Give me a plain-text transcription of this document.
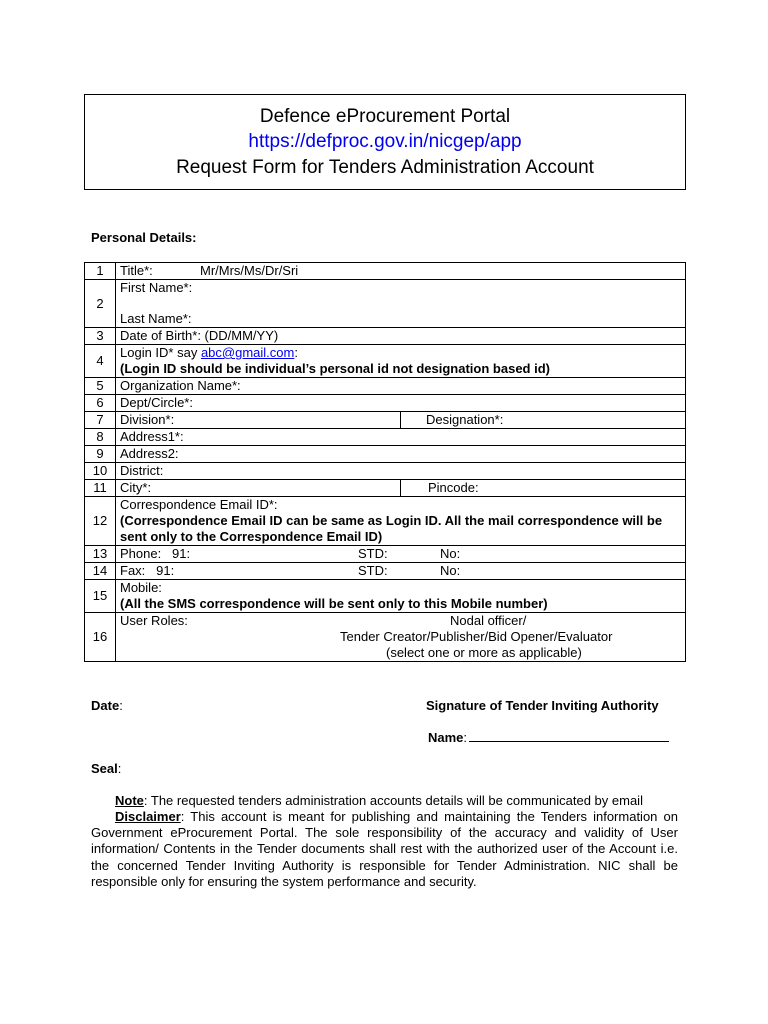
Defence eProcurement Portal
https://defproc.gov.in/nicgep/app
Request Form for Tenders Administration Account
Personal Details:
1	Title*: Mr/Mrs/Ms/Dr/Sri	
2	First Name*:
Last Name*:	

3	Date of Birth*: (DD/MM/YY)	
4	Login ID* say abc@gmail.com:
(Login ID should be individual’s personal id not designation based id)	

5	Organization Name*:	
6	Dept/Circle*:	
7	Division*:	Designation*:
8	Address1*:	
9	Address2:	
10	District:	
11	City*:	Pincode:
12	Correspondence Email ID*:
(Correspondence Email ID can be same as Login ID. All the mail correspondence will be sent only to the Correspondence Email ID)	

13	Phone:   91: STD: No:	
14	Fax:   91: STD: No:	
15	Mobile:
(All the SMS correspondence will be sent only to this Mobile number)	

16	User Roles: Nodal officer/
Tender Creator/Publisher/Bid Opener/Evaluator
(select one or more as applicable)	
Date:	Signature of Tender Inviting Authority
Name:
Seal:
Note: The requested tenders administration accounts details will be communicated by email
Disclaimer: This account is meant for publishing and maintaining the Tenders information on Government eProcurement Portal. The sole responsibility of the accuracy and validity of User information/ Contents in the Tender documents shall rest with the authorized user of the Account i.e. the concerned Tender Inviting Authority is responsible for Tender Administration. NIC shall be responsible only for ensuring the system performance and security.
